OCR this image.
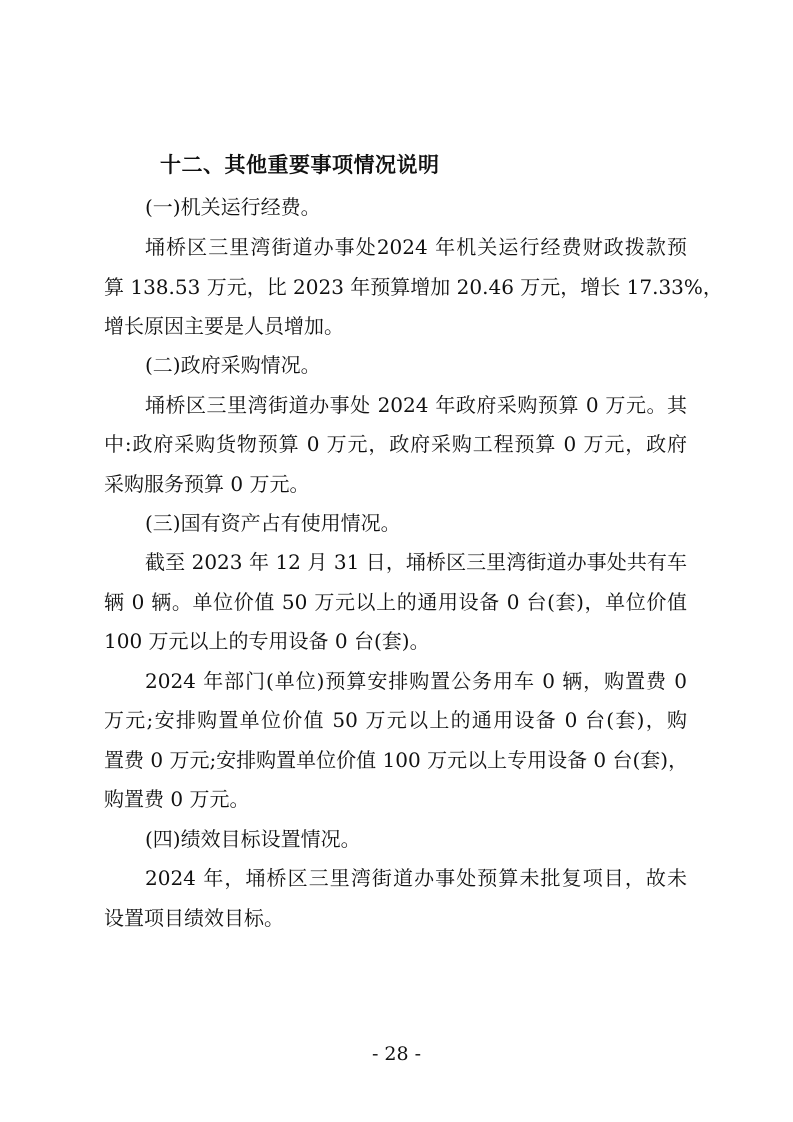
十二、其他重要事项情况说明
(一)机关运行经费。
埇桥区三里湾街道办事处2024 年机关运行经费财政拨款预
算 138.53 万元，比 2023 年预算增加 20.46 万元，增长 17.33%，
增长原因主要是人员增加。
(二)政府采购情况。
埇桥区三里湾街道办事处 2024 年政府采购预算 0 万元。其
中:政府采购货物预算 0 万元，政府采购工程预算 0 万元，政府
采购服务预算 0 万元。
(三)国有资产占有使用情况。
截至 2023 年 12 月 31 日，埇桥区三里湾街道办事处共有车
辆 0 辆。单位价值 50 万元以上的通用设备 0 台(套)，单位价值
100 万元以上的专用设备 0 台(套)。
2024 年部门(单位)预算安排购置公务用车 0 辆，购置费 0
万元;安排购置单位价值 50 万元以上的通用设备 0 台(套)，购
置费 0 万元;安排购置单位价值 100 万元以上专用设备 0 台(套)，
购置费 0 万元。
(四)绩效目标设置情况。
2024 年，埇桥区三里湾街道办事处预算未批复项目，故未
设置项目绩效目标。
- 28 -
